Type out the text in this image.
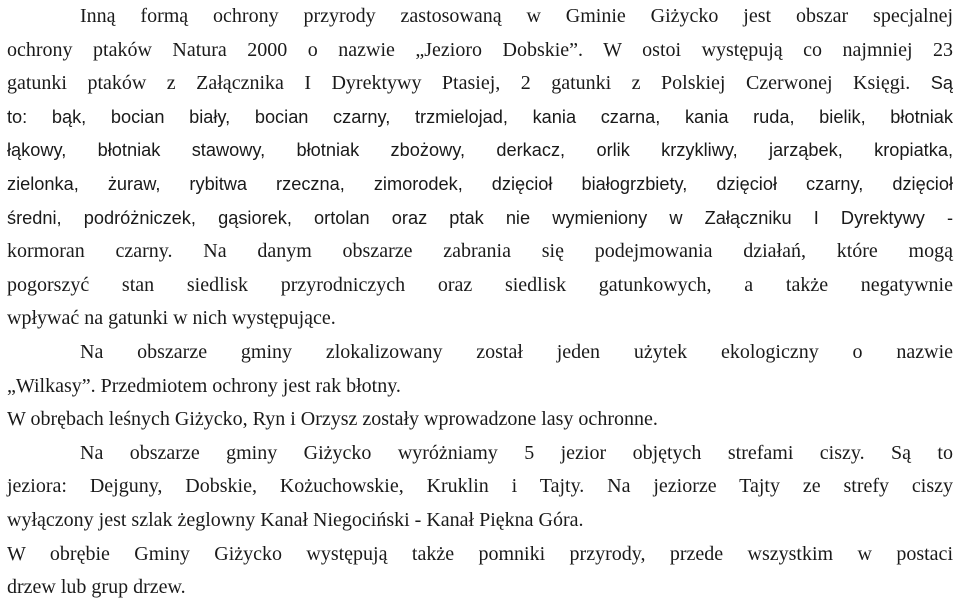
Inną formą ochrony przyrody zastosowaną w Gminie Giżycko jest obszar specjalnej
ochrony ptaków Natura 2000 o nazwie „Jezioro Dobskie”. W ostoi występują co najmniej 23
gatunki ptaków z Załącznika I Dyrektywy Ptasiej, 2 gatunki z Polskiej Czerwonej Księgi. Są
to: bąk, bocian biały, bocian czarny, trzmielojad, kania czarna, kania ruda, bielik, błotniak
łąkowy, błotniak stawowy, błotniak zbożowy, derkacz, orlik krzykliwy, jarząbek, kropiatka,
zielonka, żuraw, rybitwa rzeczna, zimorodek, dzięcioł białogrzbiety, dzięcioł czarny, dzięcioł
średni, podróżniczek, gąsiorek, ortolan oraz ptak nie wymieniony w Załączniku I Dyrektywy -
kormoran czarny. Na danym obszarze zabrania się podejmowania działań, które mogą
pogorszyć stan siedlisk przyrodniczych oraz siedlisk gatunkowych, a także negatywnie
wpływać na gatunki w nich występujące.
Na obszarze gminy zlokalizowany został jeden użytek ekologiczny o nazwie
„Wilkasy”. Przedmiotem ochrony jest rak błotny.
W obrębach leśnych Giżycko, Ryn i Orzysz zostały wprowadzone lasy ochronne.
Na obszarze gminy Giżycko wyróżniamy 5 jezior objętych strefami ciszy. Są to
jeziora: Dejguny, Dobskie, Kożuchowskie, Kruklin i Tajty. Na jeziorze Tajty ze strefy ciszy
wyłączony jest szlak żeglowny Kanał Niegociński - Kanał Piękna Góra.
W obrębie Gminy Giżycko występują także pomniki przyrody, przede wszystkim w postaci
drzew lub grup drzew.
